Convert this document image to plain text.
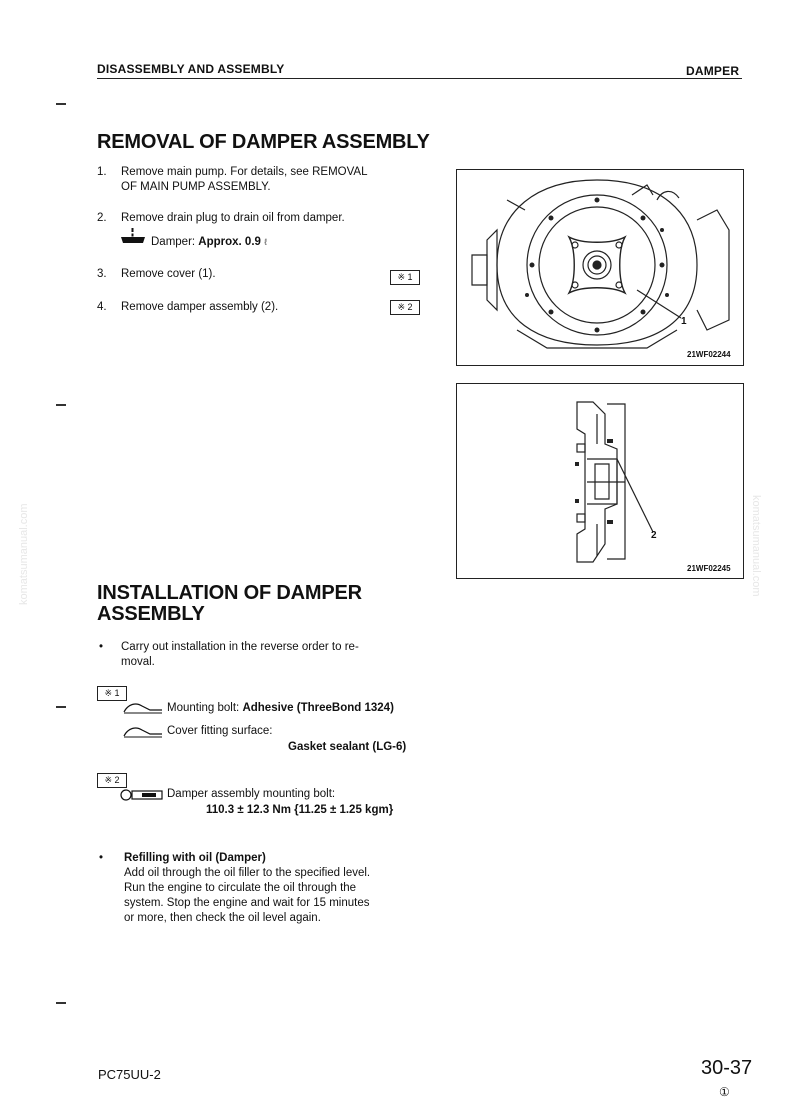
DISASSEMBLY AND ASSEMBLY	DAMPER
komatsumanual.com	komatsumanual.com
REMOVAL OF DAMPER ASSEMBLY
1. Remove main pump. For details, see REMOVAL
OF MAIN PUMP ASSEMBLY.
2. Remove drain plug to drain oil from damper.
Damper: Approx. 0.9 ℓ
3. Remove cover (1).	※ 1
4. Remove damper assembly (2).	※ 2
1
21WF02244
2
21WF02245
INSTALLATION OF DAMPER
ASSEMBLY
• Carry out installation in the reverse order to re-
moval.
※ 1
Mounting bolt: Adhesive (ThreeBond 1324)
Cover fitting surface:
Gasket sealant (LG-6)
※ 2
Damper assembly mounting bolt:
110.3 ± 12.3 Nm {11.25 ± 1.25 kgm}
• Refilling with oil (Damper)
Add oil through the oil filler to the specified level.
Run the engine to circulate the oil through the
system. Stop the engine and wait for 15 minutes
or more, then check the oil level again.
PC75UU-2	30-37
①
